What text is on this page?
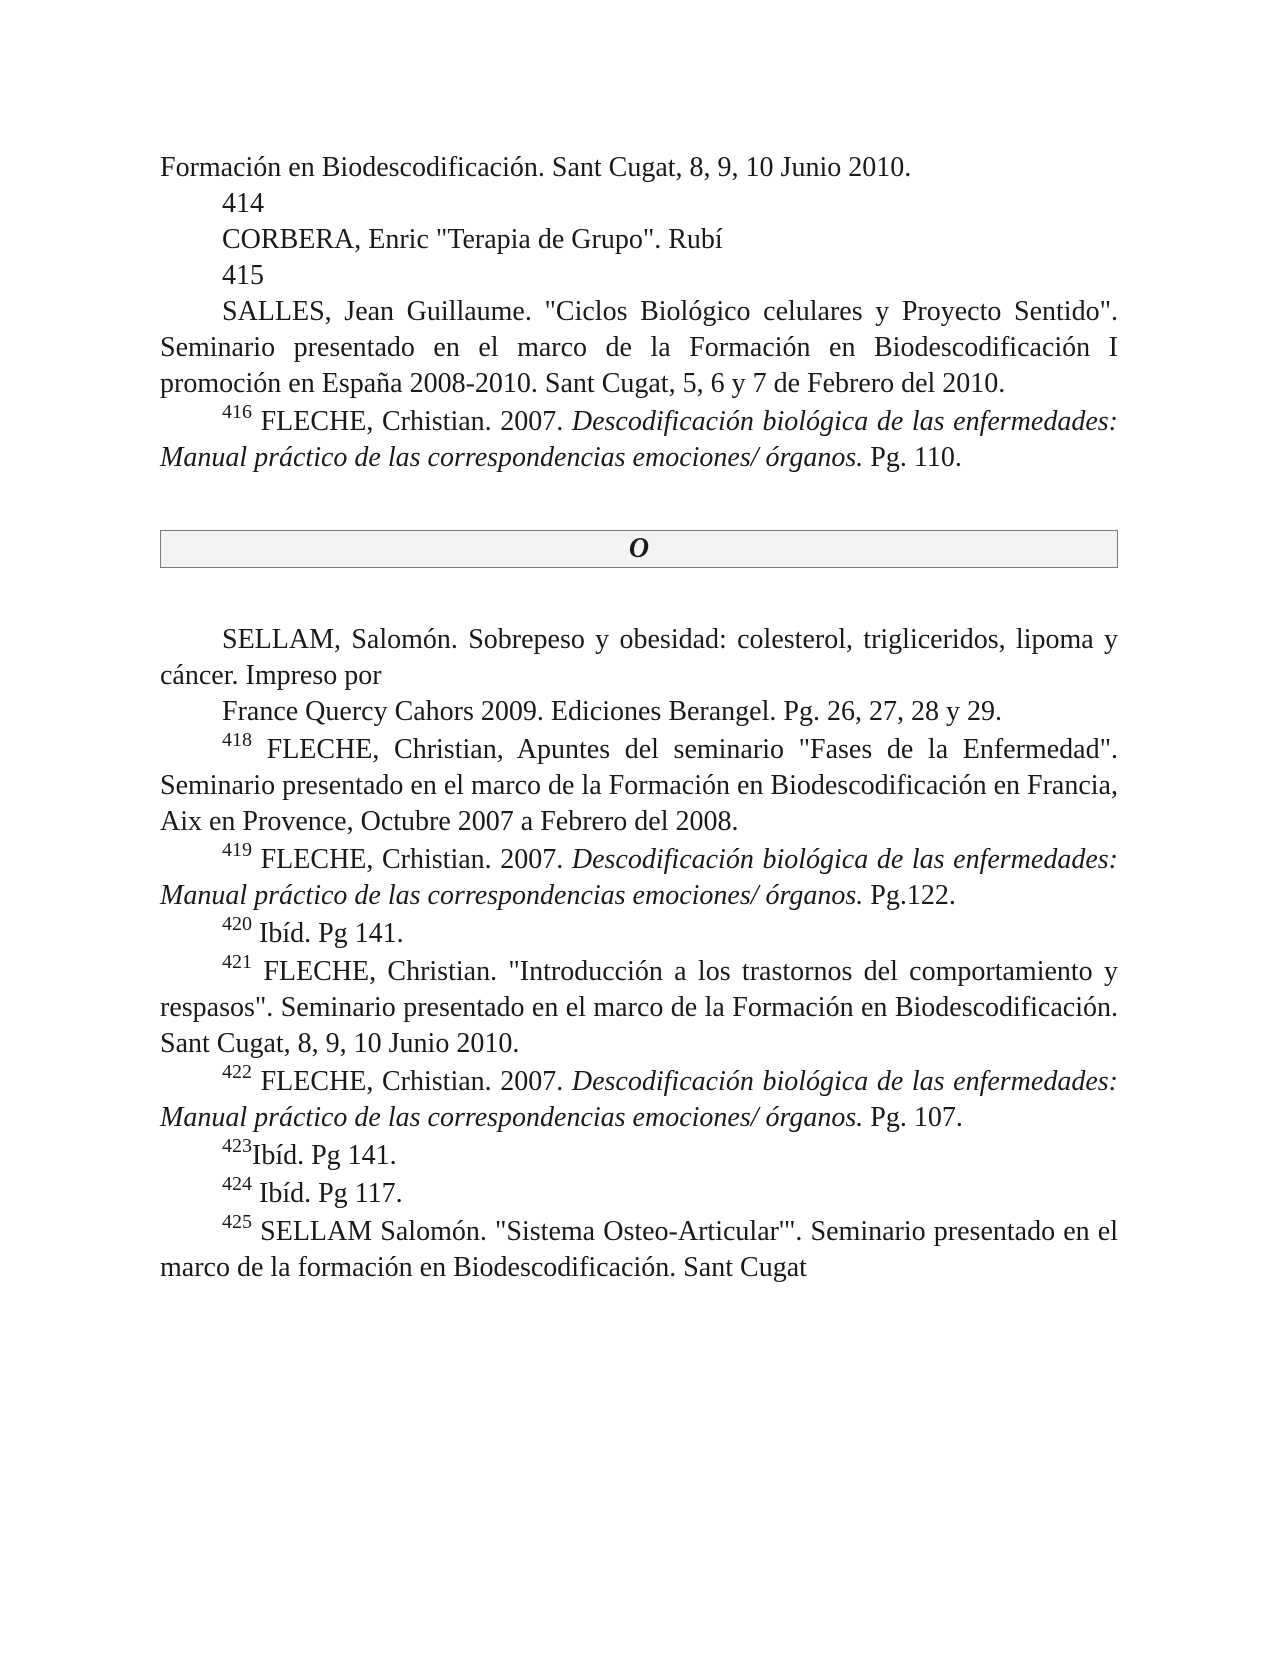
Formación en Biodescodificación. Sant Cugat, 8, 9, 10 Junio 2010.

414

CORBERA, Enric "Terapia de Grupo". Rubí

415

SALLES, Jean Guillaume. "Ciclos Biológico celulares y Proyecto Sentido". Seminario presentado en el marco de la Formación en Biodescodificación I promoción en España 2008-2010. Sant Cugat, 5, 6 y 7 de Febrero del 2010.

$^{416}$ FLECHE, Crhistian. 2007. Descodificación biológica de las enfermedades: Manual práctico de las correspondencias emociones/ órganos. Pg. 110.

O

SELLAM, Salomón. Sobrepeso y obesidad: colesterol, trigliceridos, lipoma y cáncer. Impreso por

France Quercy Cahors 2009. Ediciones Berangel. Pg. 26, 27, 28 y 29.

$^{418}$ FLECHE, Christian, Apuntes del seminario "Fases de la Enfermedad". Seminario presentado en el marco de la Formación en Biodescodificación en Francia, Aix en Provence, Octubre 2007 a Febrero del 2008.

$^{419}$ FLECHE, Crhistian. 2007. Descodificación biológica de las enfermedades: Manual práctico de las correspondencias emociones/ órganos. Pg.122.

$^{420}$ Ibíd. Pg 141.

$^{421}$ FLECHE, Christian. "Introducción a los trastornos del comportamiento y respasos". Seminario presentado en el marco de la Formación en Biodescodificación. Sant Cugat, 8, 9, 10 Junio 2010.

$^{422}$ FLECHE, Crhistian. 2007. Descodificación biológica de las enfermedades: Manual práctico de las correspondencias emociones/ órganos. Pg. 107.

$^{423}$Ibíd. Pg 141.

$^{424}$ Ibíd. Pg 117.

$^{425}$ SELLAM Salomón. "Sistema Osteo-Articular'". Seminario presentado en el marco de la formación en Biodescodificación. Sant Cugat
